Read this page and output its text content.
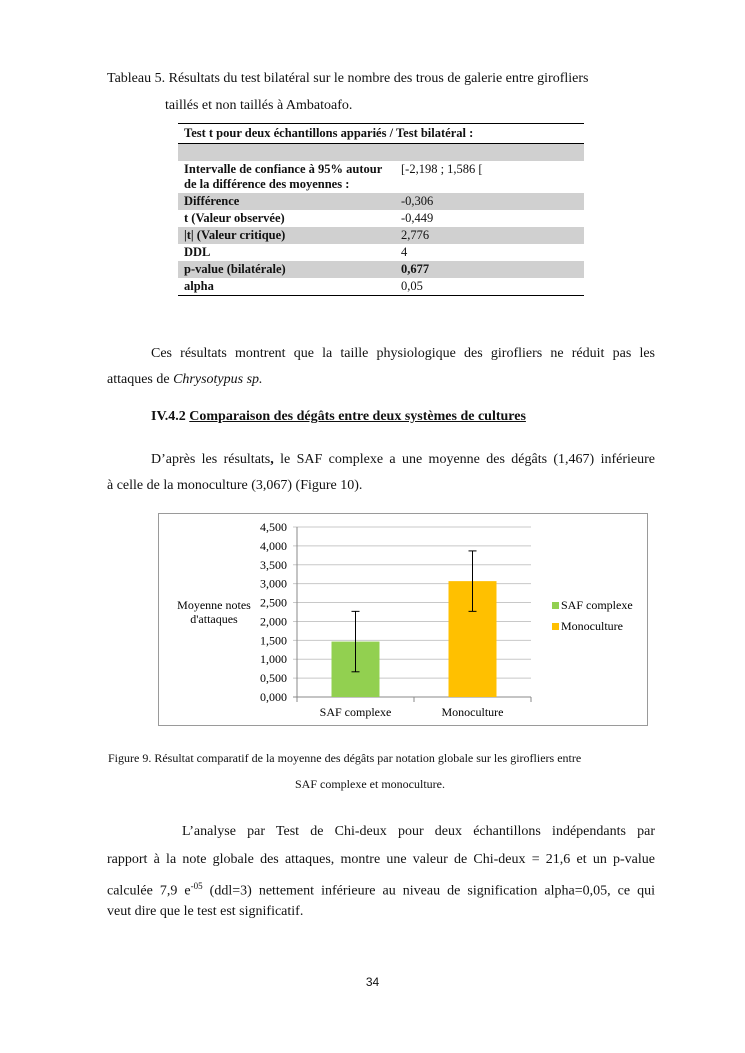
Tableau 5. Résultats du test bilatéral sur le nombre des trous de galerie entre girofliers
taillés et non taillés à Ambatoafo.
Test t pour deux échantillons appariés / Test bilatéral :	

Intervalle de confiance à 95% autour de la différence des moyennes :	[-2,198 ; 1,586 [
Différence	-0,306
t (Valeur observée)	-0,449
|t| (Valeur critique)	2,776
DDL	4
p-value (bilatérale)	0,677
alpha	0,05
Ces résultats montrent que la taille physiologique des girofliers ne réduit pas les
attaques de Chrysotypus sp.
IV.4.2 Comparaison des dégâts entre deux systèmes de cultures
D’après les résultats, le SAF complexe a une moyenne des dégâts (1,467) inférieure
à celle de la monoculture (3,067) (Figure 10).
0,000
0,500
1,000
1,500
2,000
2,500
3,000
3,500
4,000
4,500
SAF complexe	Monoculture
Moyenne notes
d'attaques
SAF complexe
Monoculture
Figure 9. Résultat comparatif de la moyenne des dégâts par notation globale sur les girofliers entre
SAF complexe et monoculture.
L’analyse par Test de Chi-deux pour deux échantillons indépendants par
rapport à la note globale des attaques, montre une valeur de Chi-deux = 21,6 et un p-value
calculée 7,9 $e^{-05}$ (ddl=3) nettement inférieure au niveau de signification alpha=0,05, ce qui
veut dire que le test est significatif.
34
